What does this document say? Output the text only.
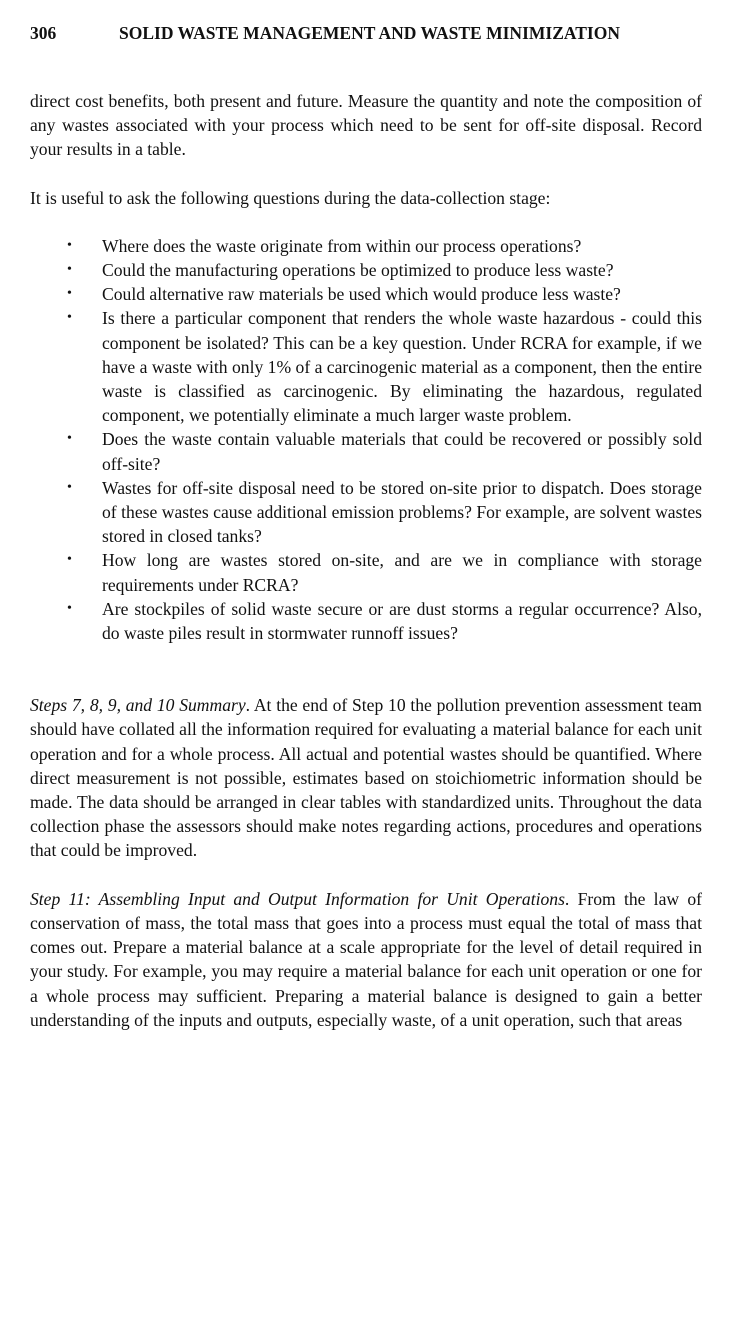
306	SOLID WASTE MANAGEMENT AND WASTE MINIMIZATION

direct cost benefits, both present and future. Measure the quantity and note the composition of any wastes associated with your process which need to be sent for off-site disposal. Record your results in a table.

It is useful to ask the following questions during the data-collection stage:

• Where does the waste originate from within our process operations?
• Could the manufacturing operations be optimized to produce less waste?
• Could alternative raw materials be used which would produce less waste?
• Is there a particular component that renders the whole waste hazardous - could this component be isolated? This can be a key question. Under RCRA for example, if we have a waste with only 1% of a carcinogenic material as a component, then the entire waste is classified as carcinogenic. By eliminating the hazardous, regulated component, we potentially eliminate a much larger waste problem.
• Does the waste contain valuable materials that could be recovered or possibly sold off-site?
• Wastes for off-site disposal need to be stored on-site prior to dispatch. Does storage of these wastes cause additional emission problems? For example, are solvent wastes stored in closed tanks?
• How long are wastes stored on-site, and are we in compliance with storage requirements under RCRA?
• Are stockpiles of solid waste secure or are dust storms a regular occurrence? Also, do waste piles result in stormwater runnoff issues?

Steps 7, 8, 9, and 10 Summary. At the end of Step 10 the pollution prevention assessment team should have collated all the information required for evaluating a material balance for each unit operation and for a whole process. All actual and potential wastes should be quantified. Where direct measurement is not possible, estimates based on stoichiometric information should be made. The data should be arranged in clear tables with standardized units. Throughout the data collection phase the assessors should make notes regarding actions, procedures and operations that could be improved.

Step 11: Assembling Input and Output Information for Unit Operations. From the law of conservation of mass, the total mass that goes into a process must equal the total of mass that comes out. Prepare a material balance at a scale appropriate for the level of detail required in your study. For example, you may require a material balance for each unit operation or one for a whole process may sufficient. Preparing a material balance is designed to gain a better understanding of the inputs and outputs, especially waste, of a unit operation, such that areas
